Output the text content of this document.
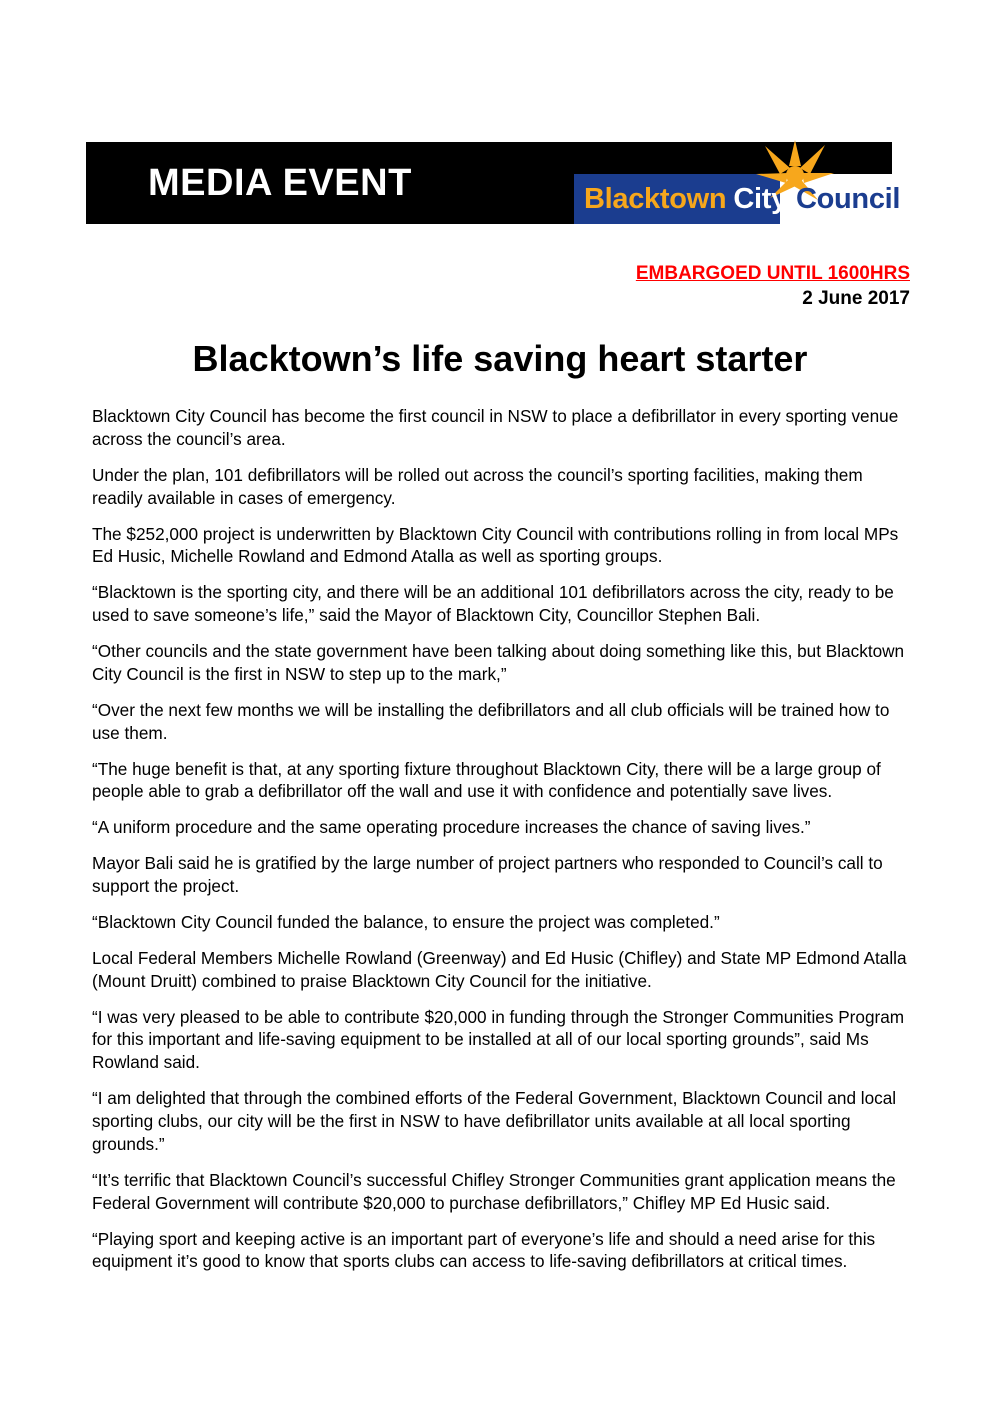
MEDIA EVENT	Blacktown City Council
EMBARGOED UNTIL 1600HRS
2 June 2017
Blacktown’s life saving heart starter

Blacktown City Council has become the first council in NSW to place a defibrillator in every sporting venue across the council’s area.

Under the plan, 101 defibrillators will be rolled out across the council’s sporting facilities, making them readily available in cases of emergency.

The $252,000 project is underwritten by Blacktown City Council with contributions rolling in from local MPs Ed Husic, Michelle Rowland and Edmond Atalla as well as sporting groups.

“Blacktown is the sporting city, and there will be an additional 101 defibrillators across the city, ready to be used to save someone’s life,” said the Mayor of Blacktown City, Councillor Stephen Bali.

“Other councils and the state government have been talking about doing something like this, but Blacktown City Council is the first in NSW to step up to the mark,”

“Over the next few months we will be installing the defibrillators and all club officials will be trained how to use them.

“The huge benefit is that, at any sporting fixture throughout Blacktown City, there will be a large group of people able to grab a defibrillator off the wall and use it with confidence and potentially save lives.

“A uniform procedure and the same operating procedure increases the chance of saving lives.”

Mayor Bali said he is gratified by the large number of project partners who responded to Council’s call to support the project.

“Blacktown City Council funded the balance, to ensure the project was completed.”

Local Federal Members Michelle Rowland (Greenway) and Ed Husic (Chifley) and State MP Edmond Atalla (Mount Druitt) combined to praise Blacktown City Council for the initiative.

“I was very pleased to be able to contribute $20,000 in funding through the Stronger Communities Program for this important and life-saving equipment to be installed at all of our local sporting grounds”, said Ms Rowland said.

“I am delighted that through the combined efforts of the Federal Government, Blacktown Council and local sporting clubs, our city will be the first in NSW to have defibrillator units available at all local sporting grounds.”

“It’s terrific that Blacktown Council’s successful Chifley Stronger Communities grant application means the Federal Government will contribute $20,000 to purchase defibrillators,” Chifley MP Ed Husic said.

“Playing sport and keeping active is an important part of everyone’s life and should a need arise for this equipment it’s good to know that sports clubs can access to life-saving defibrillators at critical times.
